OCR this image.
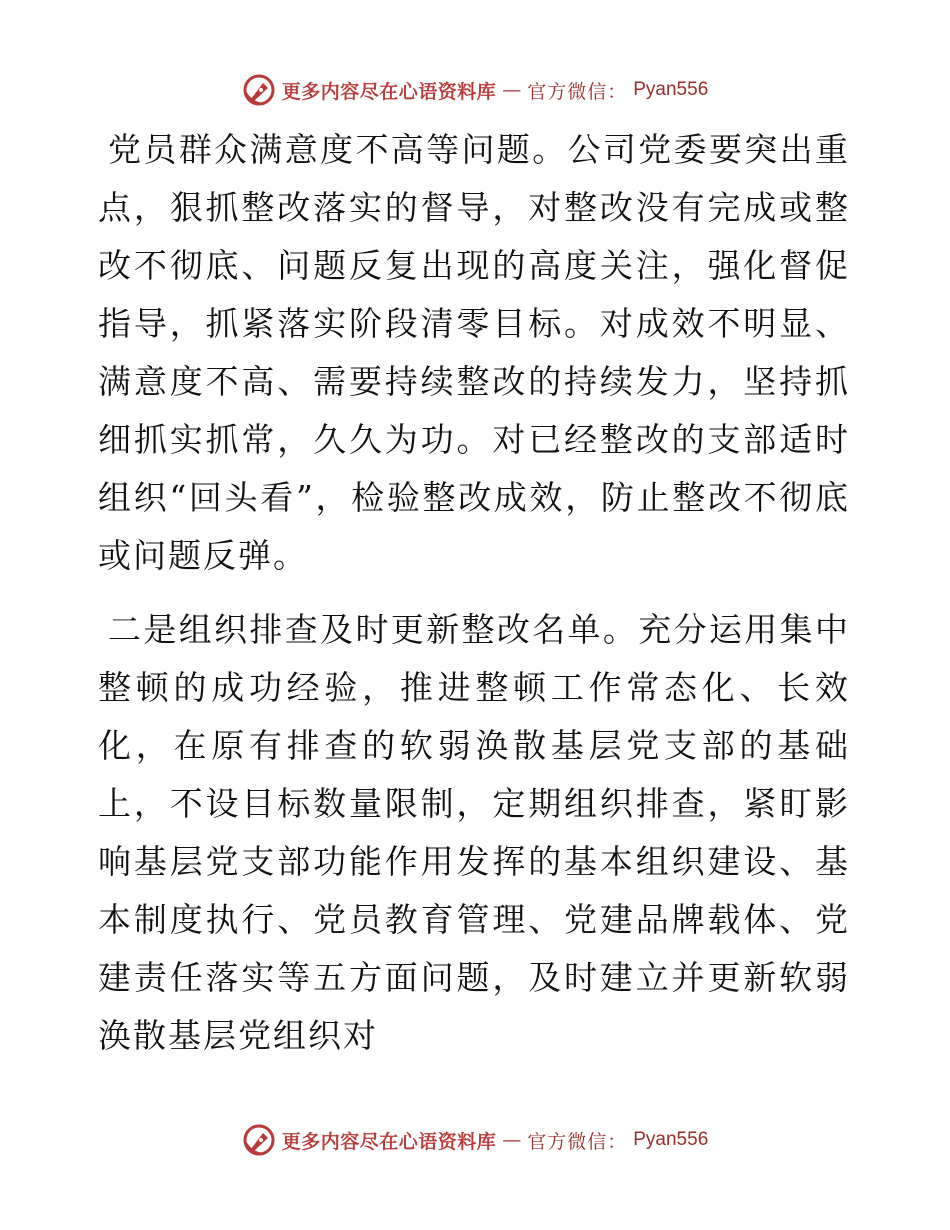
更多内容尽在心语资料库 — 官方微信： Pyan556

党员群众满意度不高等问题。公司党委要突出重点，狠抓整改落实的督导，对整改没有完成或整改不彻底、问题反复出现的高度关注，强化督促指导，抓紧落实阶段清零目标。对成效不明显、满意度不高、需要持续整改的持续发力，坚持抓细抓实抓常，久久为功。对已经整改的支部适时组织“回头看”，检验整改成效，防止整改不彻底或问题反弹。

二是组织排查及时更新整改名单。充分运用集中整顿的成功经验，推进整顿工作常态化、长效化，在原有排查的软弱涣散基层党支部的基础上，不设目标数量限制，定期组织排查，紧盯影响基层党支部功能作用发挥的基本组织建设、基本制度执行、党员教育管理、党建品牌载体、党建责任落实等五方面问题，及时建立并更新软弱涣散基层党组织对

更多内容尽在心语资料库 — 官方微信： Pyan556
